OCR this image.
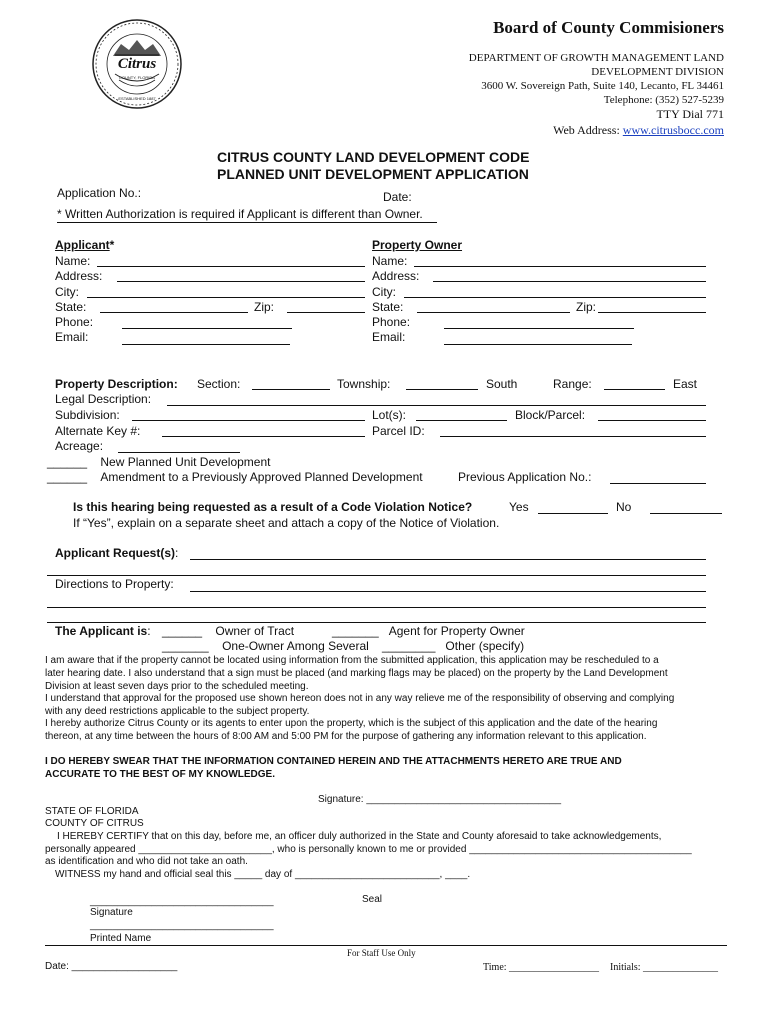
Citrus
COUNTY, FLORIDA
ESTABLISHED 1887
Board of County Commisioners
DEPARTMENT OF GROWTH MANAGEMENT LAND
DEVELOPMENT DIVISION
3600 W. Sovereign Path, Suite 140, Lecanto, FL 34461
Telephone: (352) 527-5239
TTY Dial 771
Web Address: www.citrusbocc.com
CITRUS COUNTY LAND DEVELOPMENT CODE
PLANNED UNIT DEVELOPMENT APPLICATION
Application No.:	Date:
* Written Authorization is required if Applicant is different than Owner.
Applicant*
Name:
Address:
City:
State:	Zip:
Phone:
Email:
Property Owner
Name:
Address:
City:
State:	Zip:
Phone:
Email:
Property Description: Section:	Township:	South	Range:	East
Legal Description:
Subdivision:	Lot(s):	Block/Parcel:
Alternate Key #:	Parcel ID:
Acreage:
______ New Planned Unit Development
______ Amendment to a Previously Approved Planned Development	Previous Application No.:
Is this hearing being requested as a result of a Code Violation Notice?	Yes	No
If “Yes”, explain on a separate sheet and attach a copy of the Notice of Violation.
Applicant Request(s):
Directions to Property:
The Applicant is: ______ Owner of Tract	_______ Agent for Property Owner
_______ One-Owner Among Several ________ Other (specify)
I am aware that if the property cannot be located using information from the submitted application, this application may be rescheduled to a
later hearing date. I also understand that a sign must be placed (and marking flags may be placed) on the property by the Land Development
Division at least seven days prior to the scheduled meeting.
I understand that approval for the proposed use shown hereon does not in any way relieve me of the responsibility of observing and complying
with any deed restrictions applicable to the subject property.
I hereby authorize Citrus County or its agents to enter upon the property, which is the subject of this application and the date of the hearing
thereon, at any time between the hours of 8:00 AM and 5:00 PM for the purpose of gathering any information relevant to this application.
I DO HEREBY SWEAR THAT THE INFORMATION CONTAINED HEREIN AND THE ATTACHMENTS HERETO ARE TRUE AND
ACCURATE TO THE BEST OF MY KNOWLEDGE.
Signature: ___________________________________
STATE OF FLORIDA
COUNTY OF CITRUS
I HEREBY CERTIFY that on this day, before me, an officer duly authorized in the State and County aforesaid to take acknowledgements,
personally appeared ________________________, who is personally known to me or provided ________________________________________
as identification and who did not take an oath.
WITNESS my hand and official seal this _____ day of __________________________, ____.
_________________________________	Seal
Signature
_________________________________
Printed Name
For Staff Use Only
Date: ___________________	Time: __________________ Initials: _______________
